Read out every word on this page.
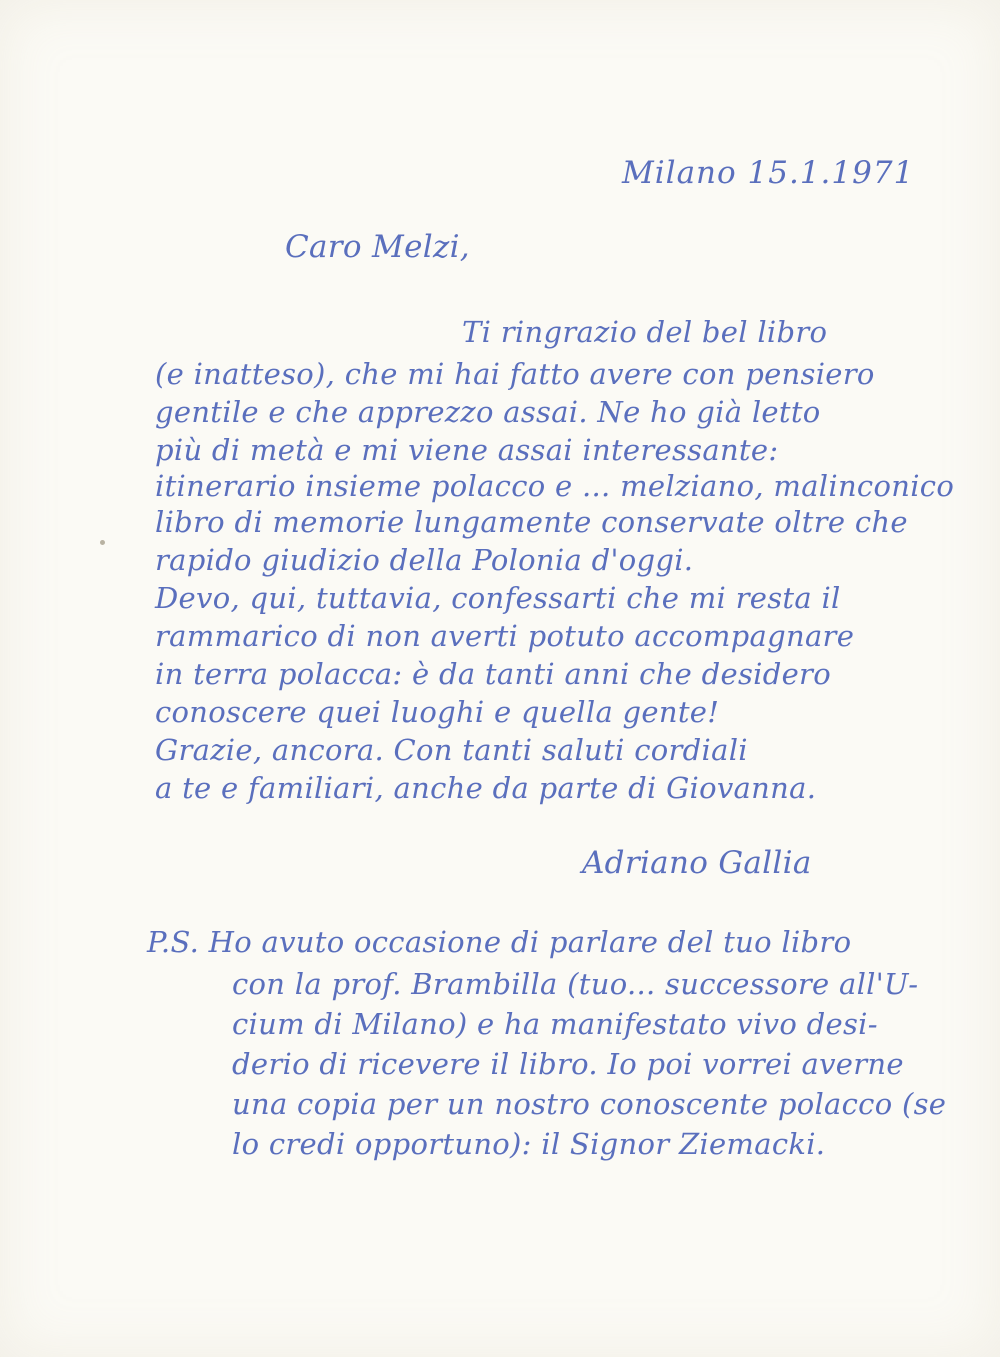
Milano 15.1.1971
Caro Melzi,
Ti ringrazio del bel libro
(e inatteso), che mi hai fatto avere con pensiero
gentile e che apprezzo assai. Ne ho già letto
più di metà e mi viene assai interessante:
itinerario insieme polacco e ... melziano, malinconico
libro di memorie lungamente conservate oltre che
rapido giudizio della Polonia d'oggi.
Devo, qui, tuttavia, confessarti che mi resta il
rammarico di non averti potuto accompagnare
in terra polacca: è da tanti anni che desidero
conoscere quei luoghi e quella gente!
Grazie, ancora. Con tanti saluti cordiali
a te e familiari, anche da parte di Giovanna.
Adriano Gallia
P.S. Ho avuto occasione di parlare del tuo libro
con la prof. Brambilla (tuo... successore all'U-
cium di Milano) e ha manifestato vivo desi-
derio di ricevere il libro. Io poi vorrei averne
una copia per un nostro conoscente polacco (se
lo credi opportuno): il Signor Ziemacki.
